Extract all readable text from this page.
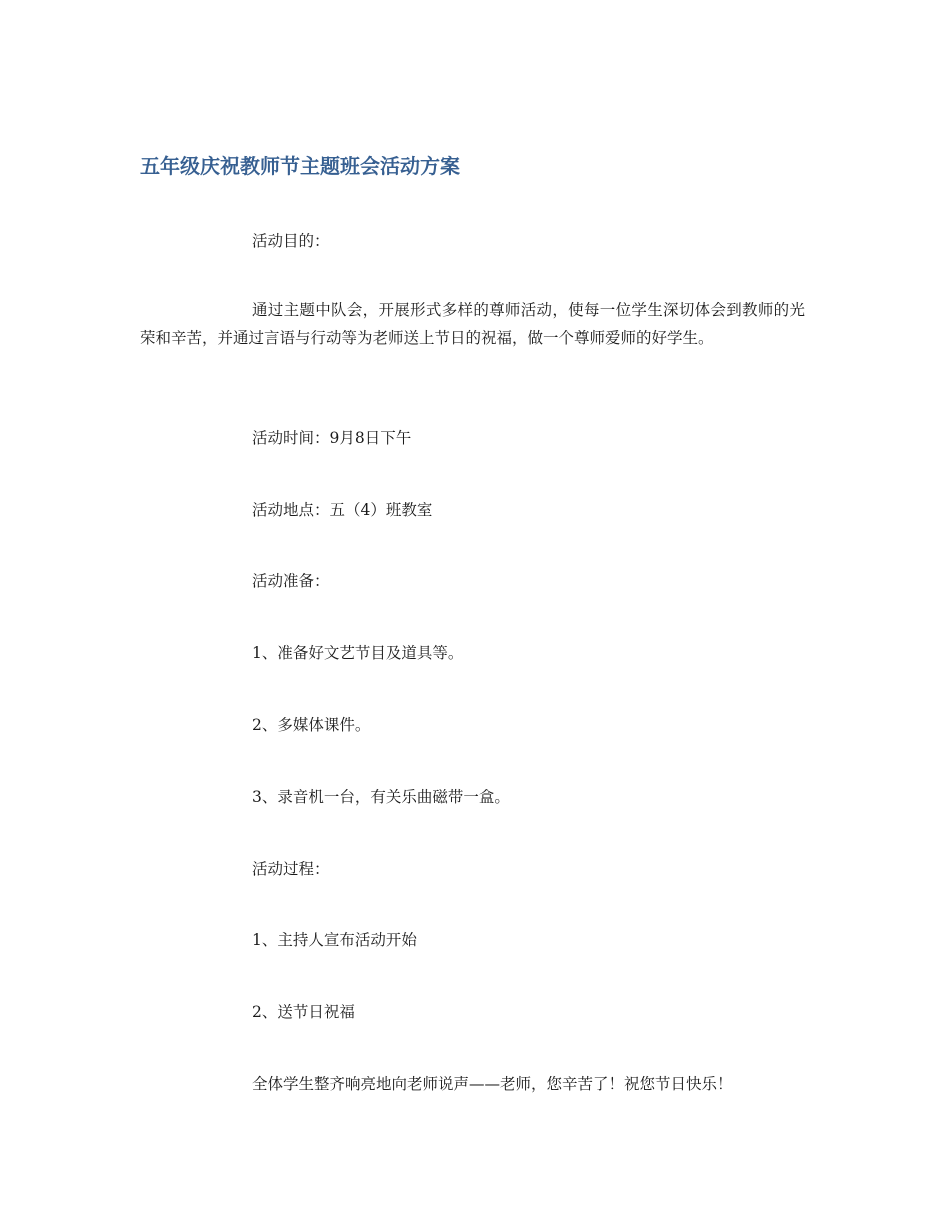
五年级庆祝教师节主题班会活动方案
活动目的：
通过主题中队会，开展形式多样的尊师活动，使每一位学生深切体会到教师的光荣和辛苦，并通过言语与行动等为老师送上节日的祝福，做一个尊师爱师的好学生。
活动时间：9月8日下午
活动地点：五（4）班教室
活动准备：
1、准备好文艺节目及道具等。
2、多媒体课件。
3、录音机一台，有关乐曲磁带一盒。
活动过程：
1、主持人宣布活动开始
2、送节日祝福
全体学生整齐响亮地向老师说声——老师，您辛苦了！祝您节日快乐！
